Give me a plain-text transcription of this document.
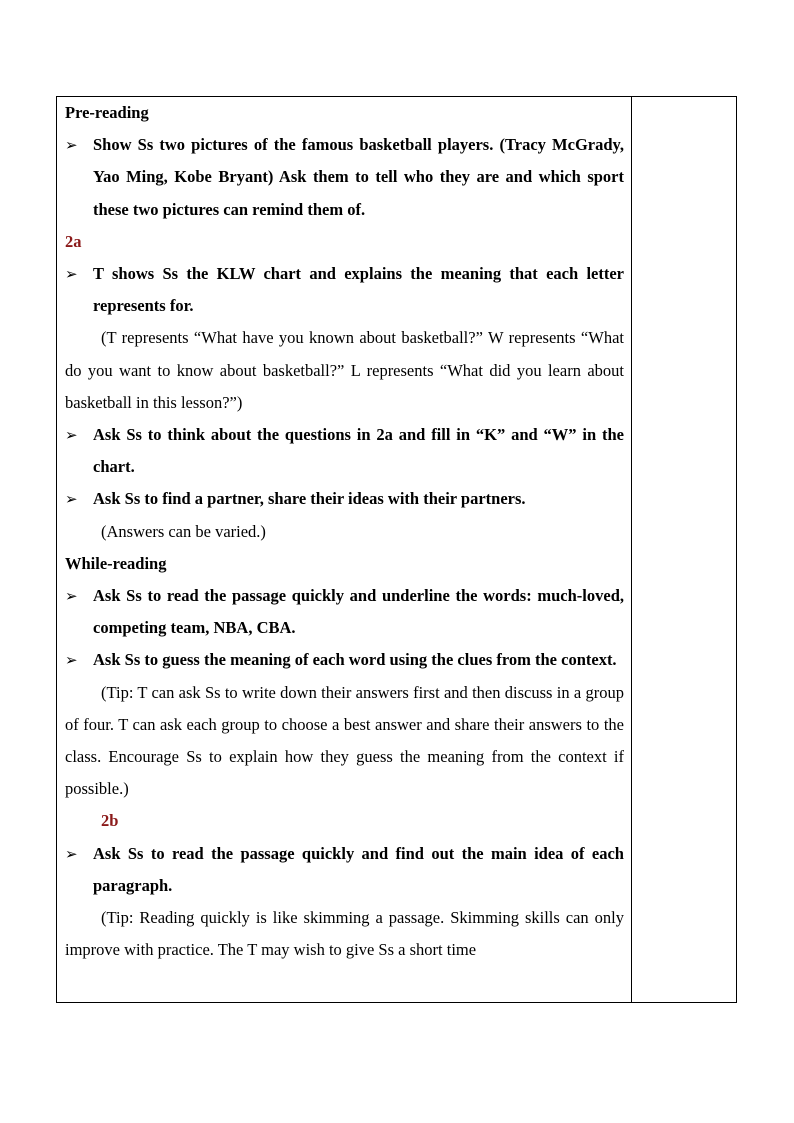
Pre-reading
➢ Show Ss two pictures of the famous basketball players. (Tracy McGrady, Yao Ming, Kobe Bryant) Ask them to tell who they are and which sport these two pictures can remind them of.
2a
➢ T shows Ss the KLW chart and explains the meaning that each letter represents for.
(T represents “What have you known about basketball?” W represents “What do you want to know about basketball?” L represents “What did you learn about basketball in this lesson?”)
➢ Ask Ss to think about the questions in 2a and fill in “K” and “W” in the chart.
➢ Ask Ss to find a partner, share their ideas with their partners.
(Answers can be varied.)
While-reading
➢ Ask Ss to read the passage quickly and underline the words: much-loved, competing team, NBA, CBA.
➢ Ask Ss to guess the meaning of each word using the clues from the context.
(Tip: T can ask Ss to write down their answers first and then discuss in a group of four. T can ask each group to choose a best answer and share their answers to the class. Encourage Ss to explain how they guess the meaning from the context if possible.)
2b
➢ Ask Ss to read the passage quickly and find out the main idea of each paragraph.
(Tip: Reading quickly is like skimming a passage. Skimming skills can only improve with practice. The T may wish to give Ss a short time
